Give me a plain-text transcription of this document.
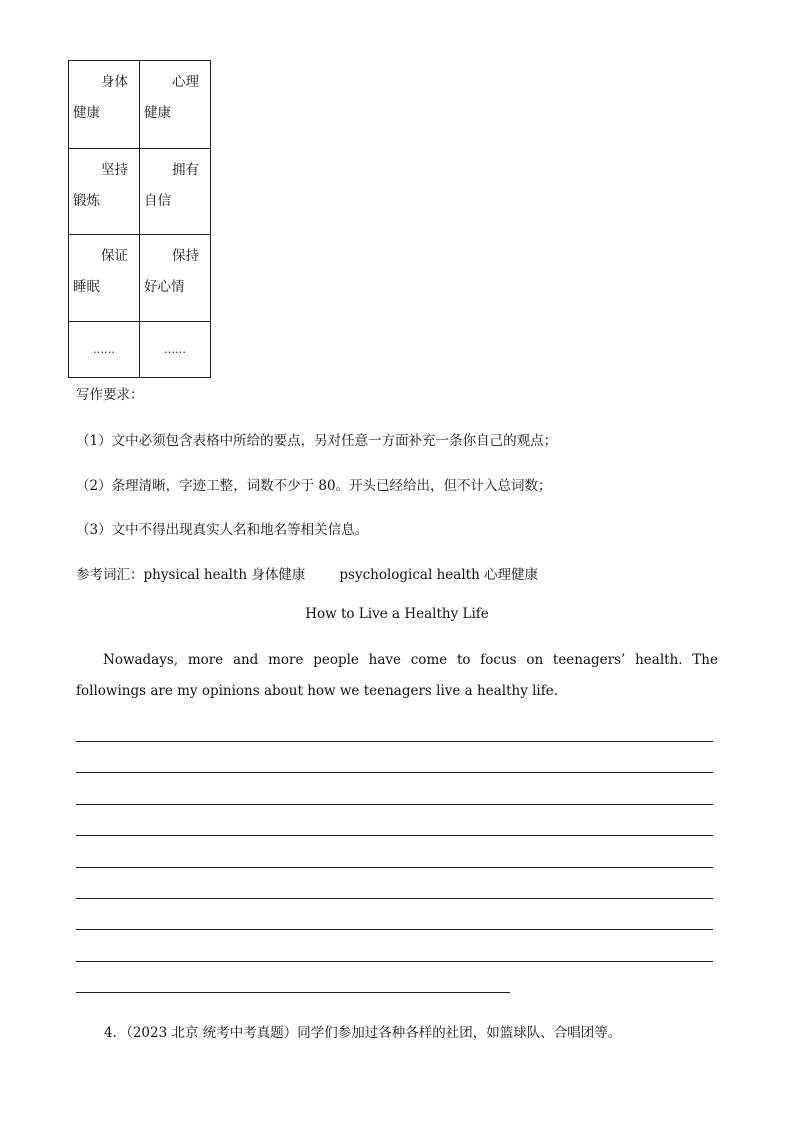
身体健康	心理健康

坚持锻炼	拥有自信

保证睡眠	保持好心情

……	……
写作要求：
（1）文中必须包含表格中所给的要点，另对任意一方面补充一条你自己的观点；
（2）条理清晰，字迹工整，词数不少于 80。开头已经给出，但不计入总词数；
（3）文中不得出现真实人名和地名等相关信息。
参考词汇：physical health 身体健康	psychological health 心理健康
How to Live a Healthy Life
Nowadays, more and more people have come to focus on teenagers’ health. The followings are my opinions about how we teenagers live a healthy life.
4．（2023 北京 统考中考真题）同学们参加过各种各样的社团，如篮球队、合唱团等。
